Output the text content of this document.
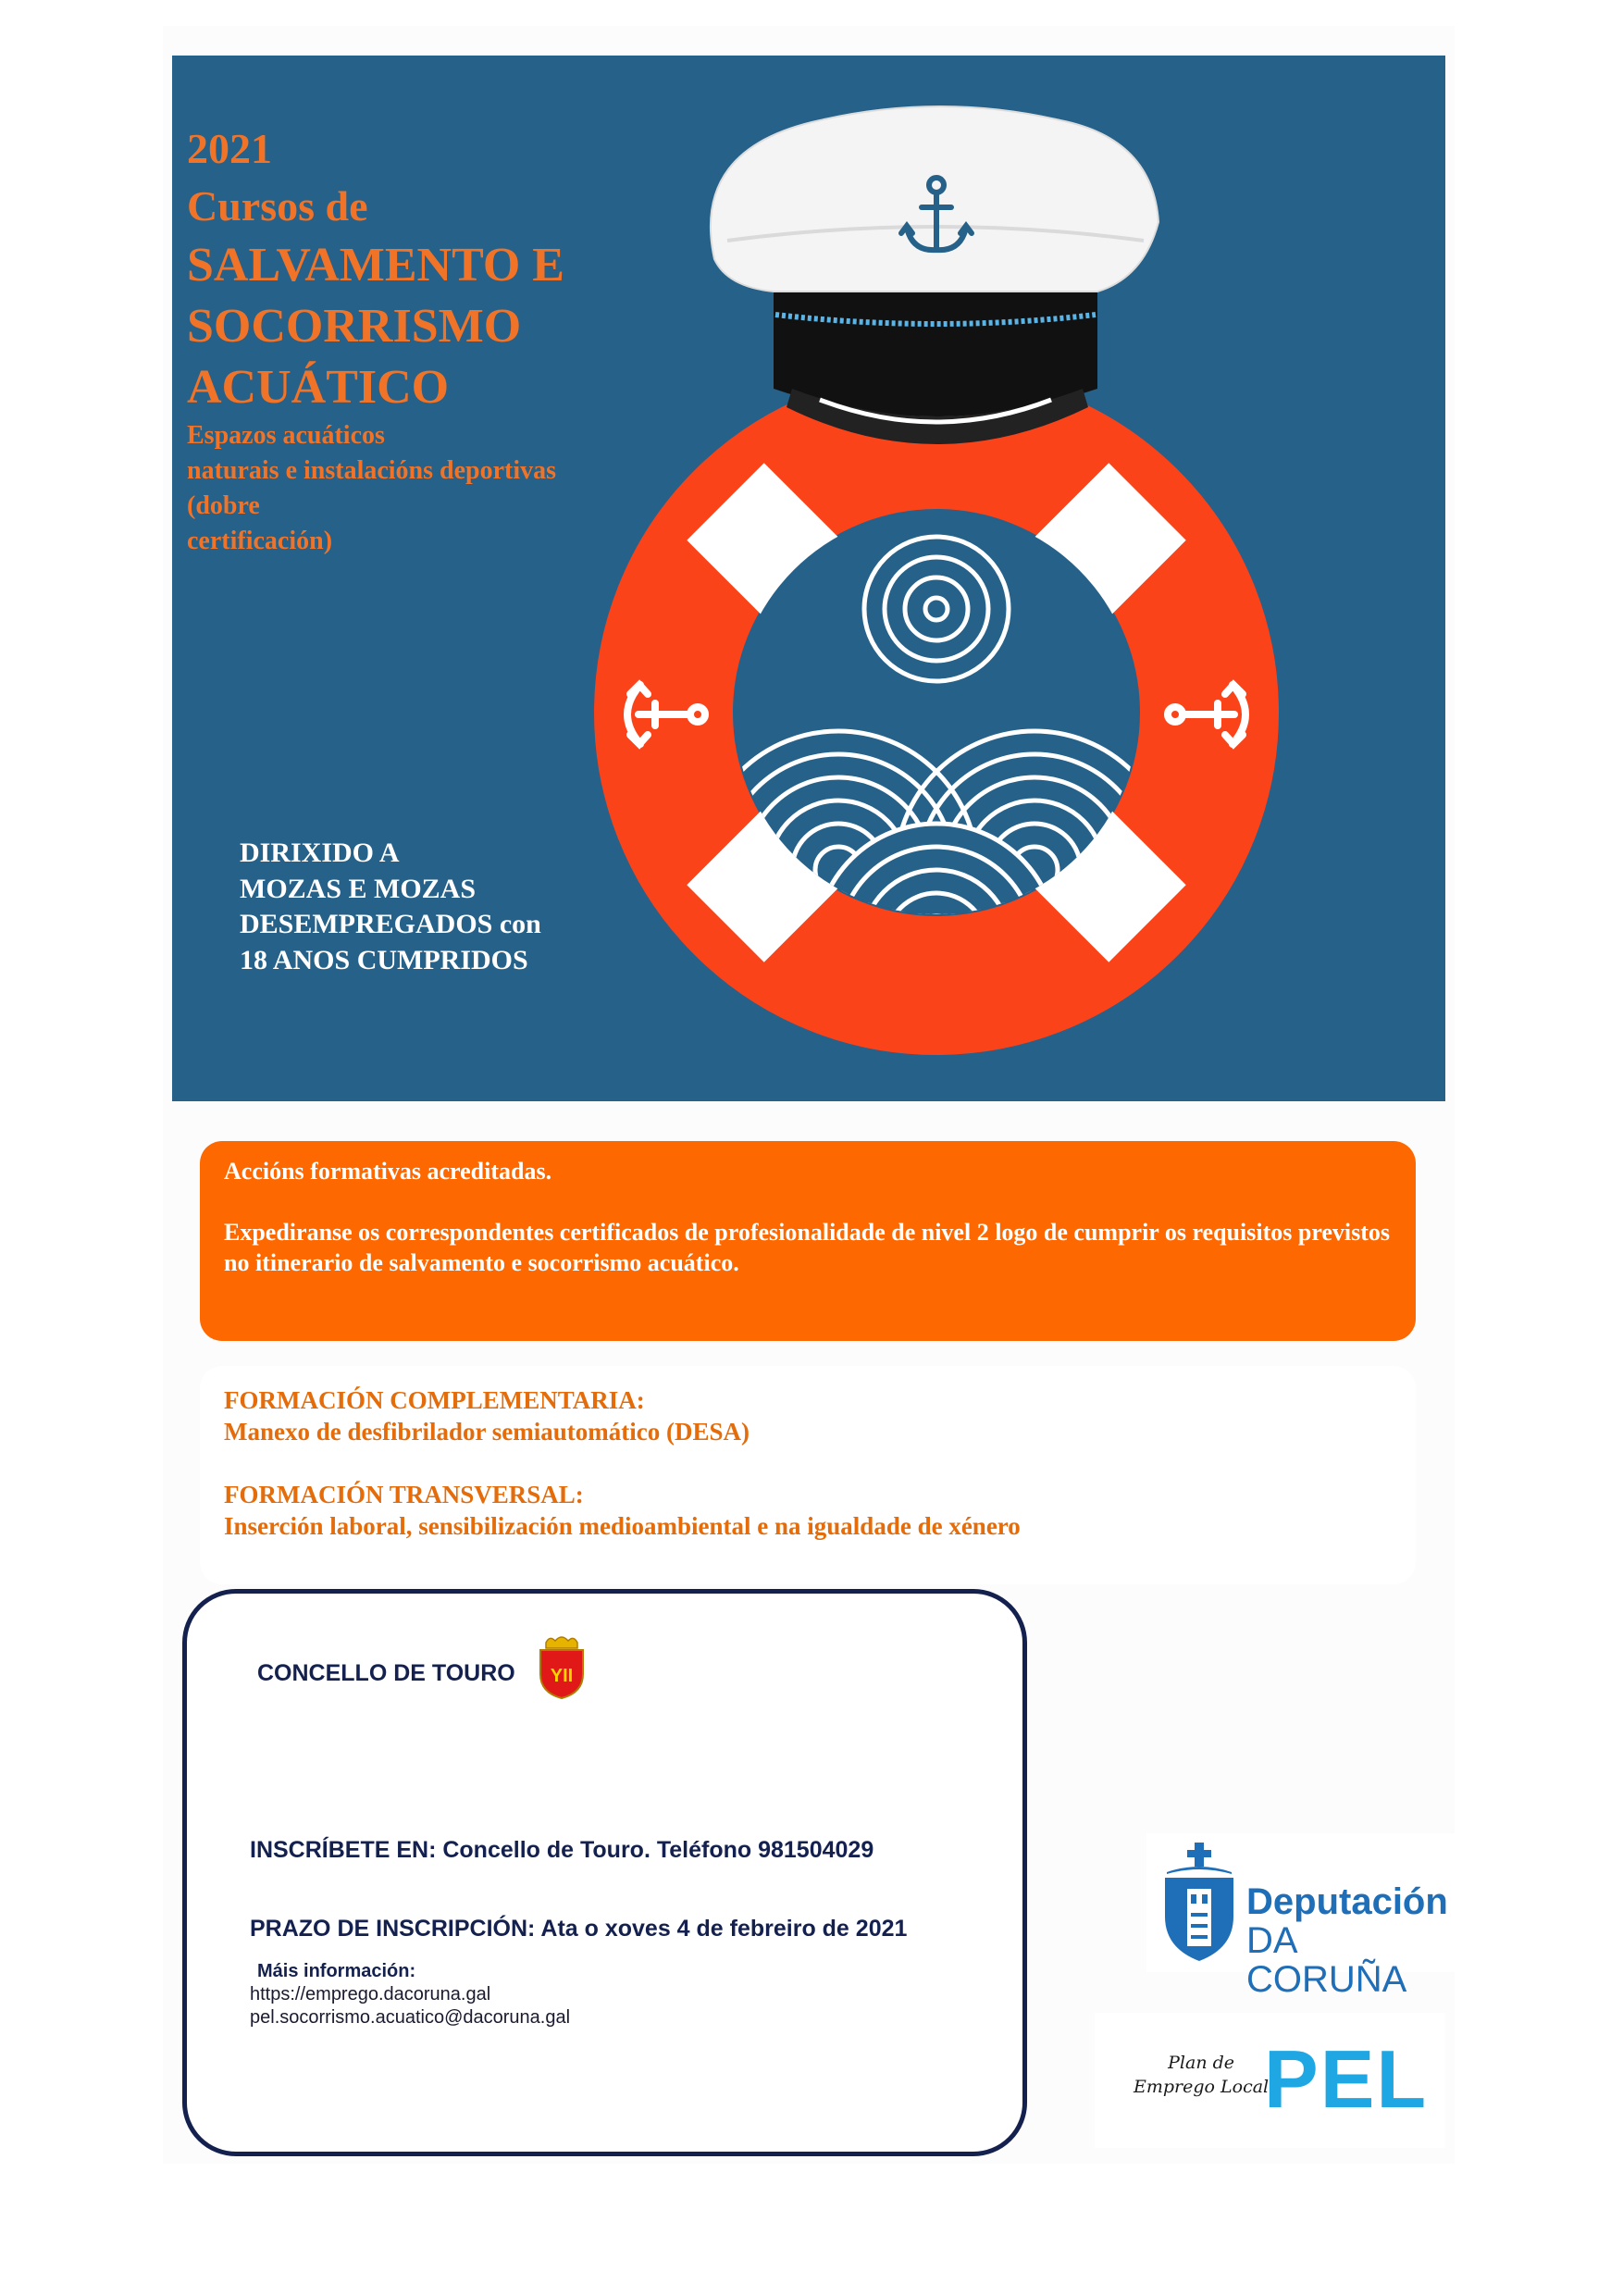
2021
Cursos de
SALVAMENTO E
SOCORRISMO
ACUÁTICO
Espazos acuáticos
naturais e instalacións deportivas
(dobre
certificación)
DIRIXIDO A
MOZAS E MOZAS
DESEMPREGADOS con
18 ANOS CUMPRIDOS

Accións formativas acreditadas.

Expediranse os correspondentes certificados de profesionalidade de nivel 2 logo de cumprir os requisitos previstos no itinerario de salvamento e socorrismo acuático.

FORMACIÓN COMPLEMENTARIA:

Manexo de desfibrilador semiautomático (DESA)

FORMACIÓN TRANSVERSAL:

Inserción laboral, sensibilización medioambiental e na igualdade de xénero

CONCELLO DE TOURO YII
INSCRÍBETE EN: Concello de Touro. Teléfono 981504029
PRAZO DE INSCRIPCIÓN: Ata o xoves 4 de febreiro de 2021
Máis información:
https://emprego.dacoruna.gal
pel.socorrismo.acuatico@dacoruna.gal
Deputación
DA CORUÑA
Plan de
Emprego Local
PEL
